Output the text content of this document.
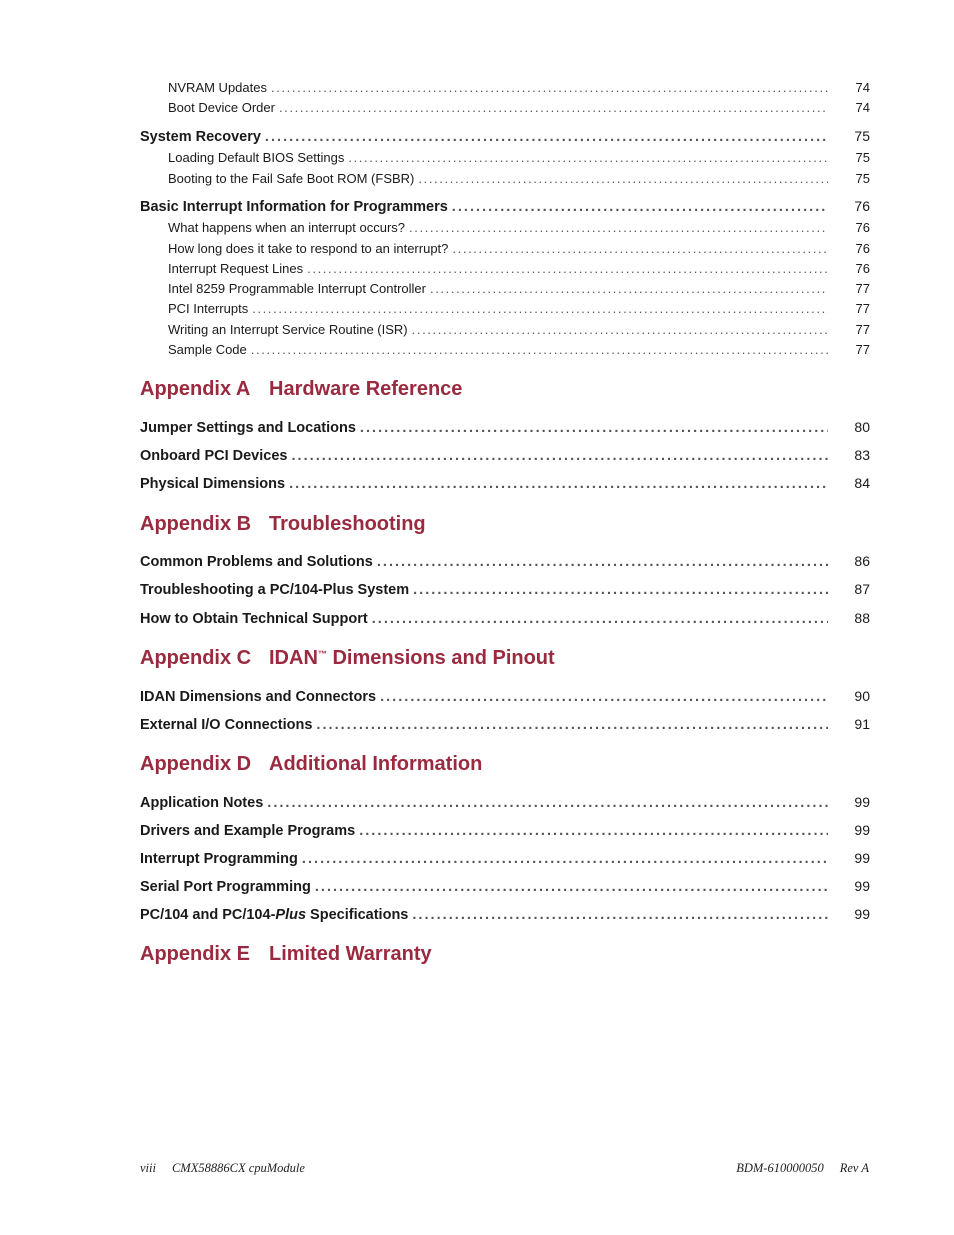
NVRAM Updates . . .	74
Boot Device Order . . .	74
System Recovery . . .	75
Loading Default BIOS Settings . . .	75
Booting to the Fail Safe Boot ROM (FSBR) . . .	75
Basic Interrupt Information for Programmers . . .	76
What happens when an interrupt occurs? . . .	76
How long does it take to respond to an interrupt? . . .	76
Interrupt Request Lines . . .	76
Intel 8259 Programmable Interrupt Controller . . .	77
PCI Interrupts . . .	77
Writing an Interrupt Service Routine (ISR) . . .	77
Sample Code . . .	77
Appendix A Hardware Reference
Jumper Settings and Locations . . .	80
Onboard PCI Devices . . .	83
Physical Dimensions . . .	84
Appendix B Troubleshooting
Common Problems and Solutions . . .	86
Troubleshooting a PC/104-Plus System . . .	87
How to Obtain Technical Support . . .	88
Appendix C IDAN™ Dimensions and Pinout
IDAN Dimensions and Connectors . . .	90
External I/O Connections . . .	91
Appendix D Additional Information
Application Notes . . .	99
Drivers and Example Programs . . .	99
Interrupt Programming . . .	99
Serial Port Programming . . .	99
PC/104 and PC/104-Plus Specifications . . .	99
Appendix E Limited Warranty
viii CMX58886CX cpuModule	BDM-610000050 Rev A
